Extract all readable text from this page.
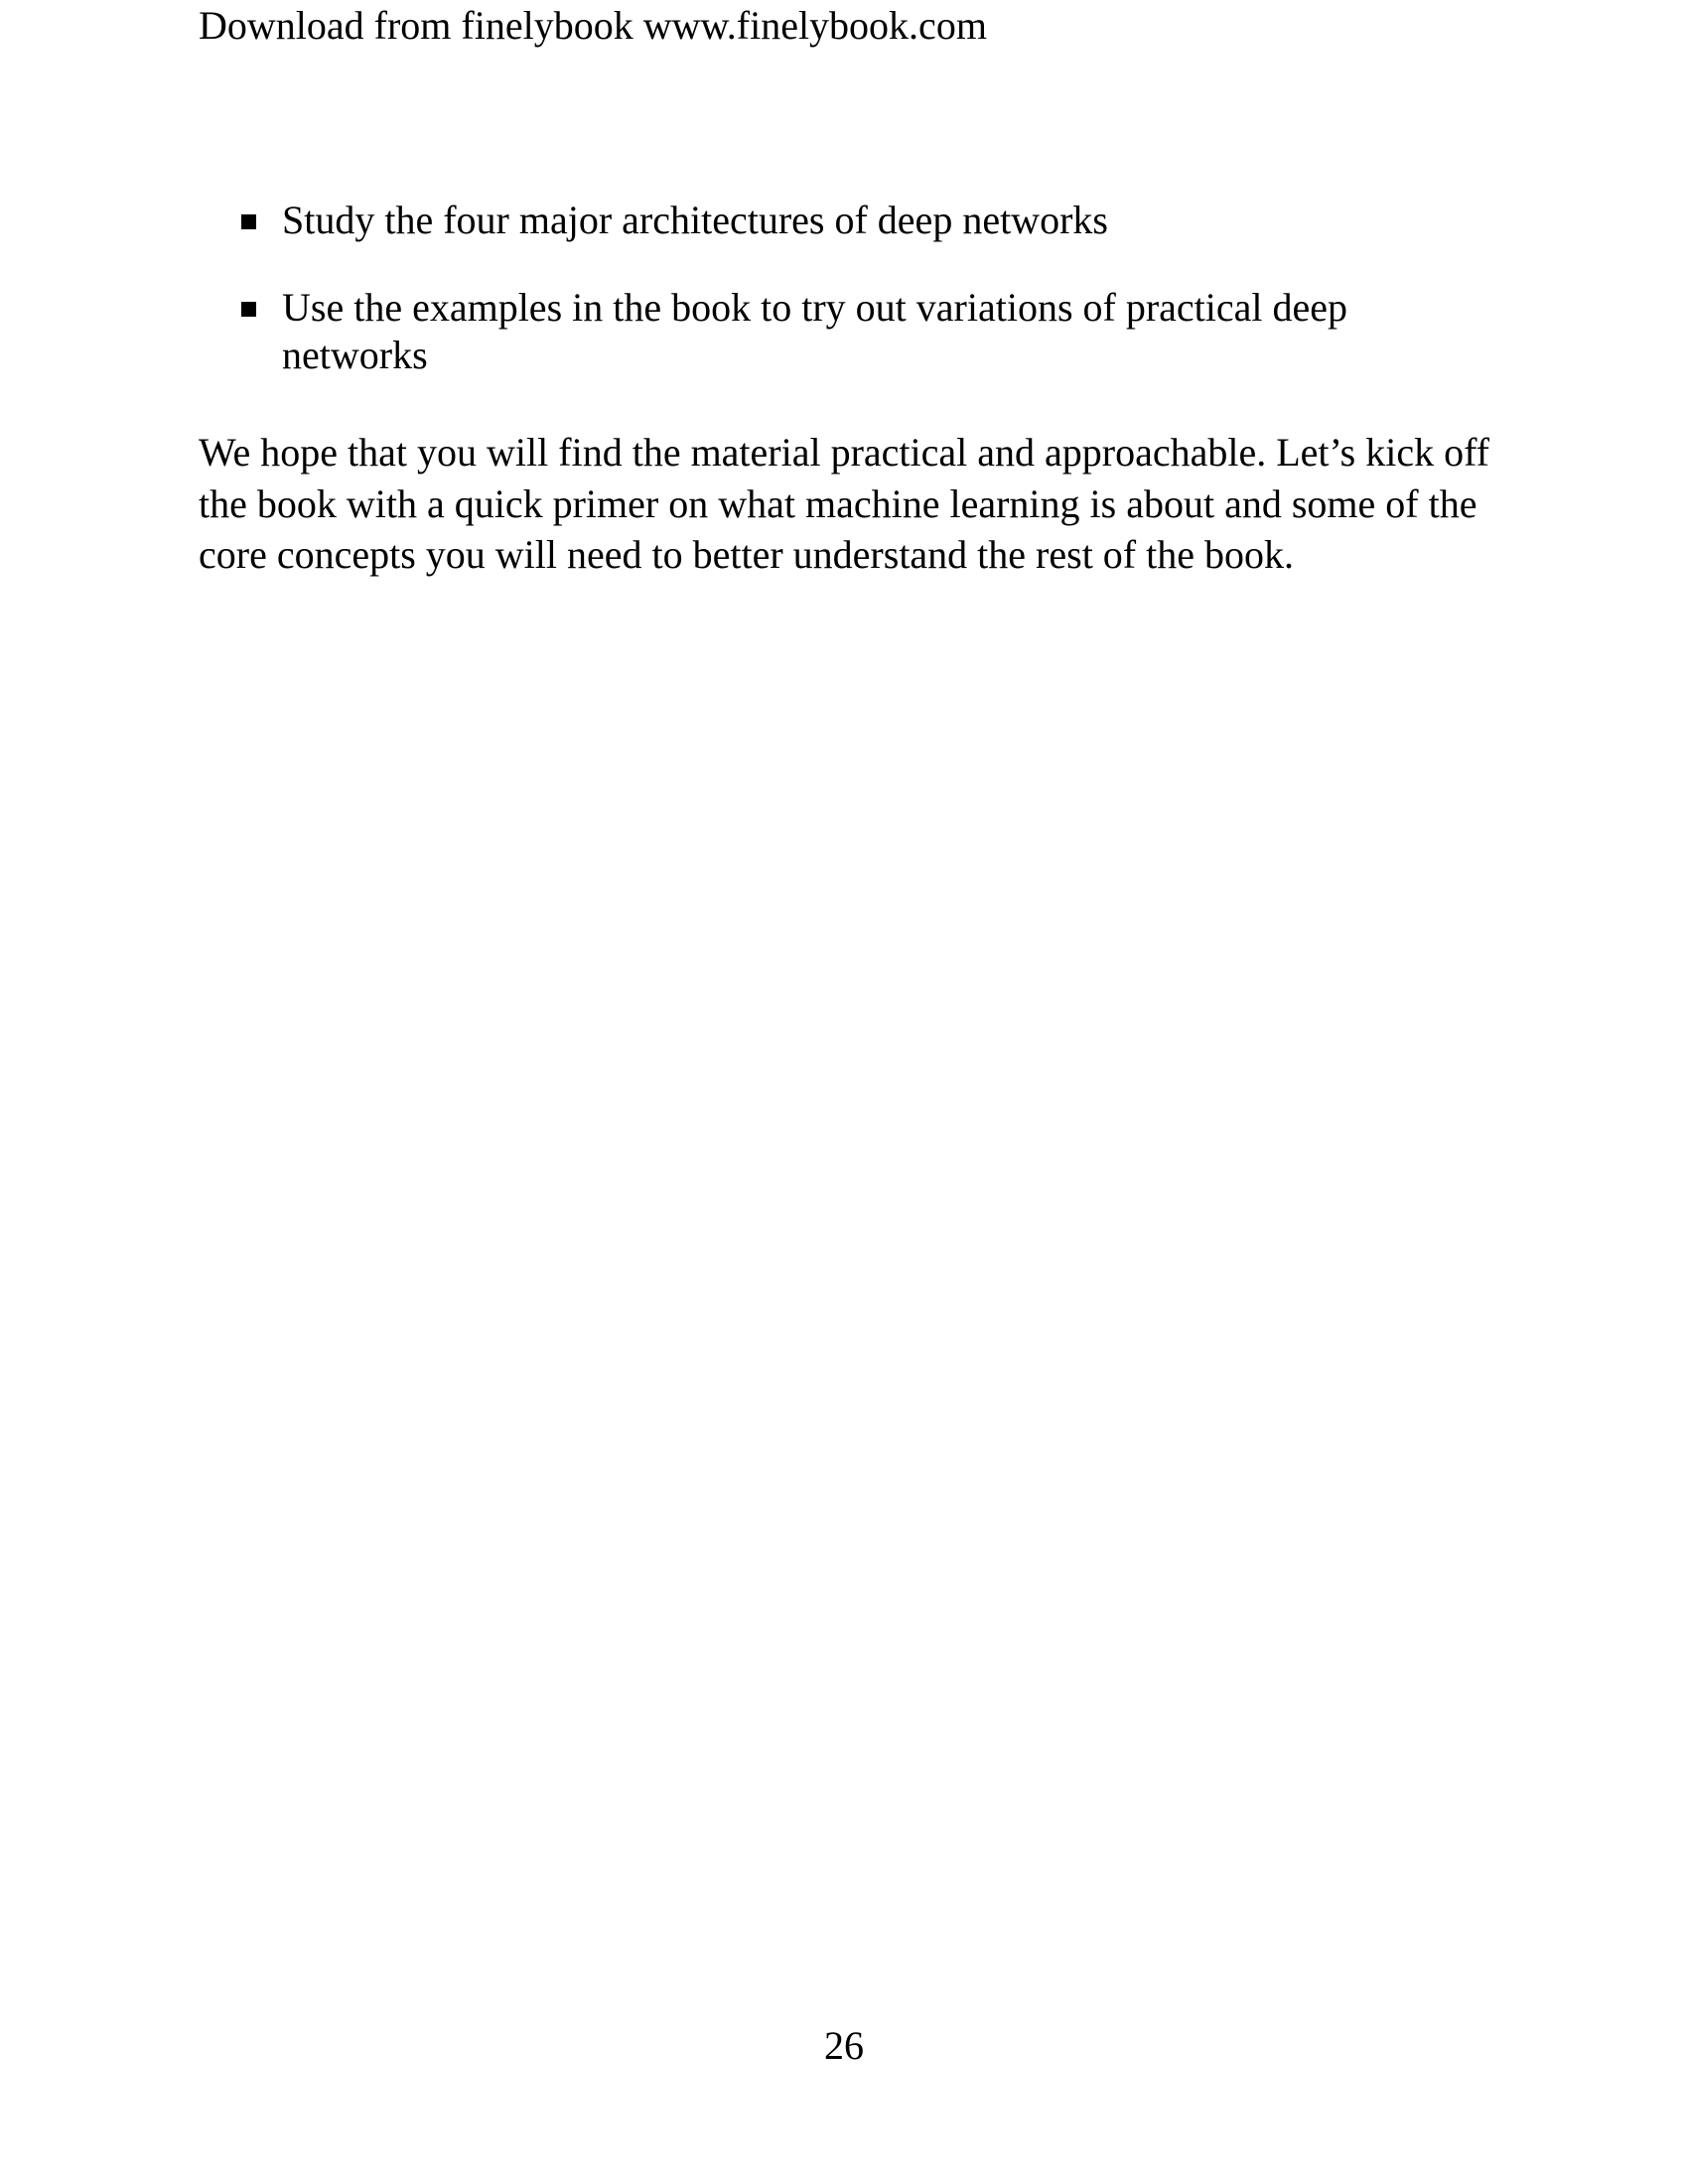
Download from finelybook www.finelybook.com
Study the four major architectures of deep networks
Use the examples in the book to try out variations of practical deep networks

We hope that you will find the material practical and approachable. Let’s kick off the book with a quick primer on what machine learning is about and some of the core concepts you will need to better understand the rest of the book.

26
